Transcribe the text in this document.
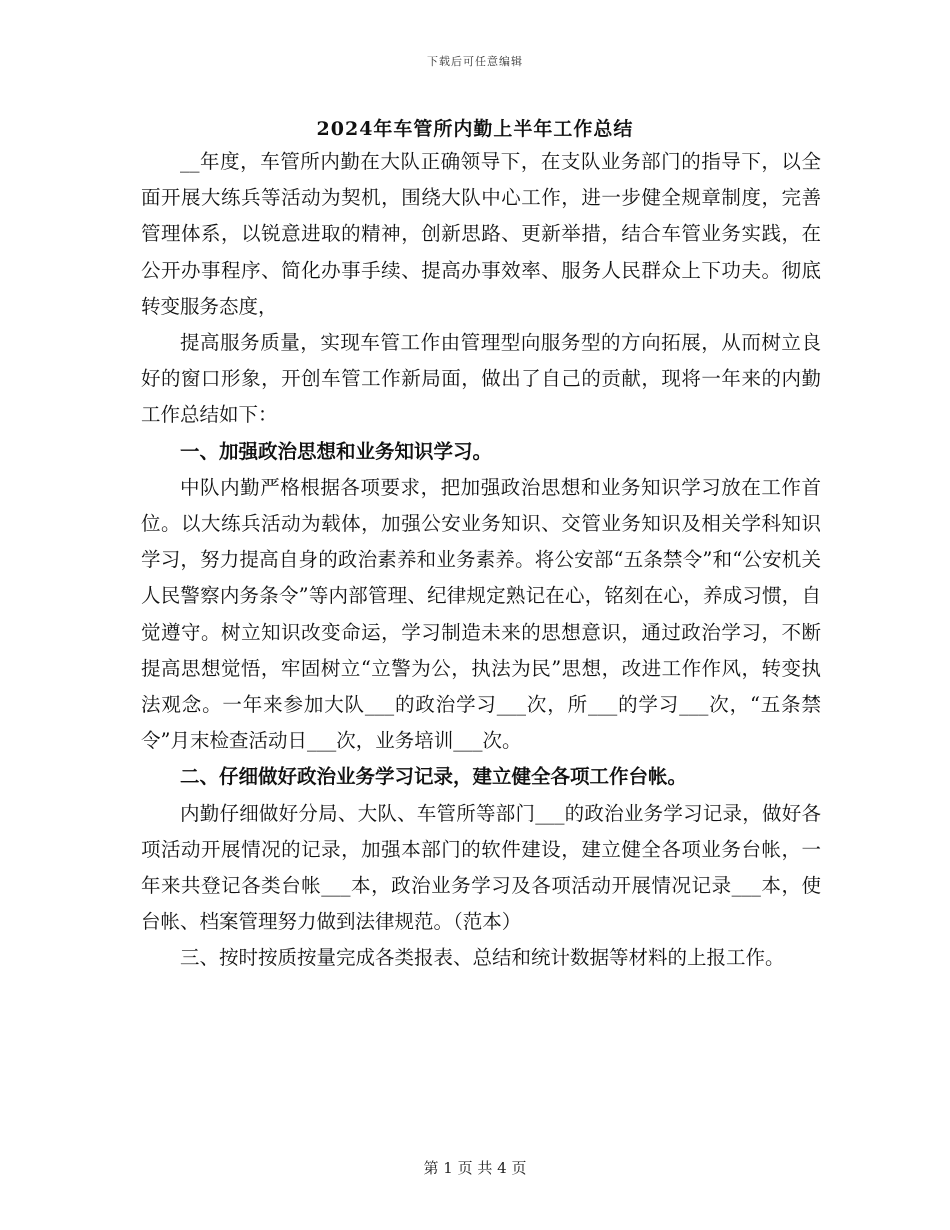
下载后可任意编辑
2024年车管所内勤上半年工作总结

__年度，车管所内勤在大队正确领导下，在支队业务部门的指导下，以全面开展大练兵等活动为契机，围绕大队中心工作，进一步健全规章制度，完善管理体系，以锐意进取的精神，创新思路、更新举措，结合车管业务实践，在公开办事程序、简化办事手续、提高办事效率、服务人民群众上下功夫。彻底转变服务态度，

提高服务质量，实现车管工作由管理型向服务型的方向拓展，从而树立良好的窗口形象，开创车管工作新局面，做出了自己的贡献，现将一年来的内勤工作总结如下：

一、加强政治思想和业务知识学习。

中队内勤严格根据各项要求，把加强政治思想和业务知识学习放在工作首位。以大练兵活动为载体，加强公安业务知识、交管业务知识及相关学科知识学习，努力提高自身的政治素养和业务素养。将公安部“五条禁令”和“公安机关人民警察内务条令”等内部管理、纪律规定熟记在心，铭刻在心，养成习惯，自觉遵守。树立知识改变命运，学习制造未来的思想意识，通过政治学习，不断提高思想觉悟，牢固树立“立警为公，执法为民”思想，改进工作作风，转变执法观念。一年来参加大队___的政治学习___次，所___的学习___次，“五条禁令”月末检查活动日___次，业务培训___次。

二、仔细做好政治业务学习记录，建立健全各项工作台帐。

内勤仔细做好分局、大队、车管所等部门___的政治业务学习记录，做好各项活动开展情况的记录，加强本部门的软件建设，建立健全各项业务台帐，一年来共登记各类台帐___本，政治业务学习及各项活动开展情况记录___本，使台帐、档案管理努力做到法律规范。（范本）

三、按时按质按量完成各类报表、总结和统计数据等材料的上报工作。

第 1 页 共 4 页
